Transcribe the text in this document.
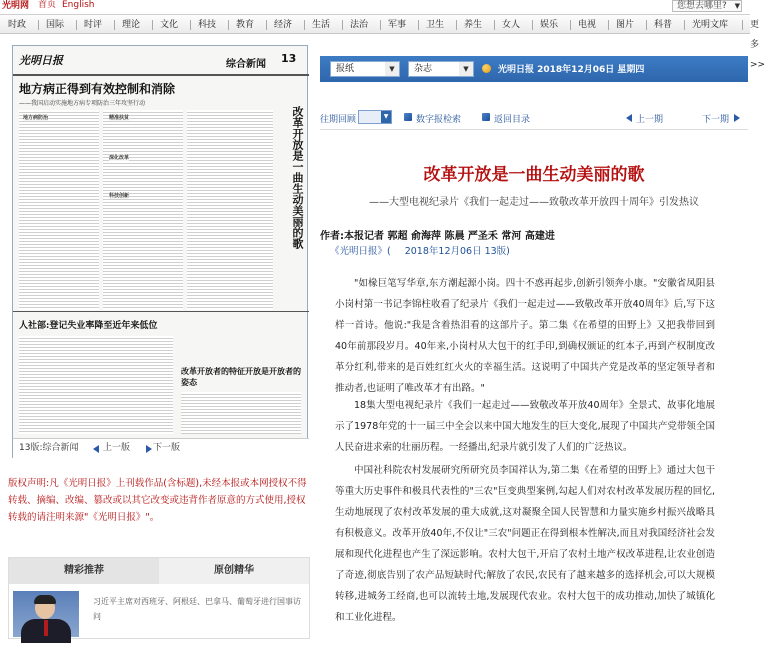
光明网 首页 English	您想去哪里? ▼
时政 国际 时评 理论 文化 科技 教育 经济 生活 法治 军事 卫生 养生 女人 娱乐 电视 图片 科普 光明文库 更多>>
光明日报	综合新闻 13
地方病正得到有效控制和消除
——我国启动实施地方病专项防治三年攻坚行动
地方病防治	精准扶贫
深化改革
科技创新	改革开放是一曲生动美丽的歌
人社部:登记失业率降至近年来低位
改革开放者的特征开放是开放者的姿态
13版:综合新闻	上一版	下一版
版权声明:凡《光明日报》上刊载作品(含标题),未经本报或本网授权不得转载、摘编、改编、篡改或以其它改变或违背作者原意的方式使用,授权转载的请注明来源"《光明日报》"。
精彩推荐	原创精华
习近平主席对西班牙、阿根廷、巴拿马、葡萄牙进行国事访问
报纸	▼	杂志	▼	光明日报 2018年12月06日 星期四
往期回顾	▼	数字报检索	返回目录	上一期	下一期
改革开放是一曲生动美丽的歌
——大型电视纪录片《我们一起走过——致敬改革开放四十周年》引发热议
作者:本报记者 郭超 俞海萍 陈晨 严圣禾 常河 高建进
《光明日报》( 2018年12月06日 13版)

"如椽巨笔写华章,东方潮起源小岗。四十不惑再起步,创新引领奔小康。"安徽省凤阳县小岗村第一书记李锦柱收看了纪录片《我们一起走过——致敬改革开放40周年》后,写下这样一首诗。他说:"我是含着热泪看的这部片子。第二集《在希望的田野上》又把我带回到40年前那段岁月。40年来,小岗村从大包干的红手印,到确权颁证的红本子,再到产权制度改革分红利,带来的是百姓红红火火的幸福生活。这说明了中国共产党是改革的坚定领导者和推动者,也证明了唯改革才有出路。"

18集大型电视纪录片《我们一起走过——致敬改革开放40周年》全景式、故事化地展示了1978年党的十一届三中全会以来中国大地发生的巨大变化,展现了中国共产党带领全国人民奋进求索的壮丽历程。一经播出,纪录片就引发了人们的广泛热议。

中国社科院农村发展研究所研究员李国祥认为,第二集《在希望的田野上》通过大包干等重大历史事件和极具代表性的"三农"巨变典型案例,勾起人们对农村改革发展历程的回忆,生动地展现了农村改革发展的重大成就,这对凝聚全国人民智慧和力量实施乡村振兴战略具有积极意义。改革开放40年,不仅让"三农"问题正在得到根本性解决,而且对我国经济社会发展和现代化进程也产生了深远影响。农村大包干,开启了农村土地产权改革进程,让农业创造了奇迹,彻底告别了农产品短缺时代;解放了农民,农民有了越来越多的选择机会,可以大规模转移,进城务工经商,也可以流转土地,发展现代农业。农村大包干的成功推动,加快了城镇化和工业化进程。
